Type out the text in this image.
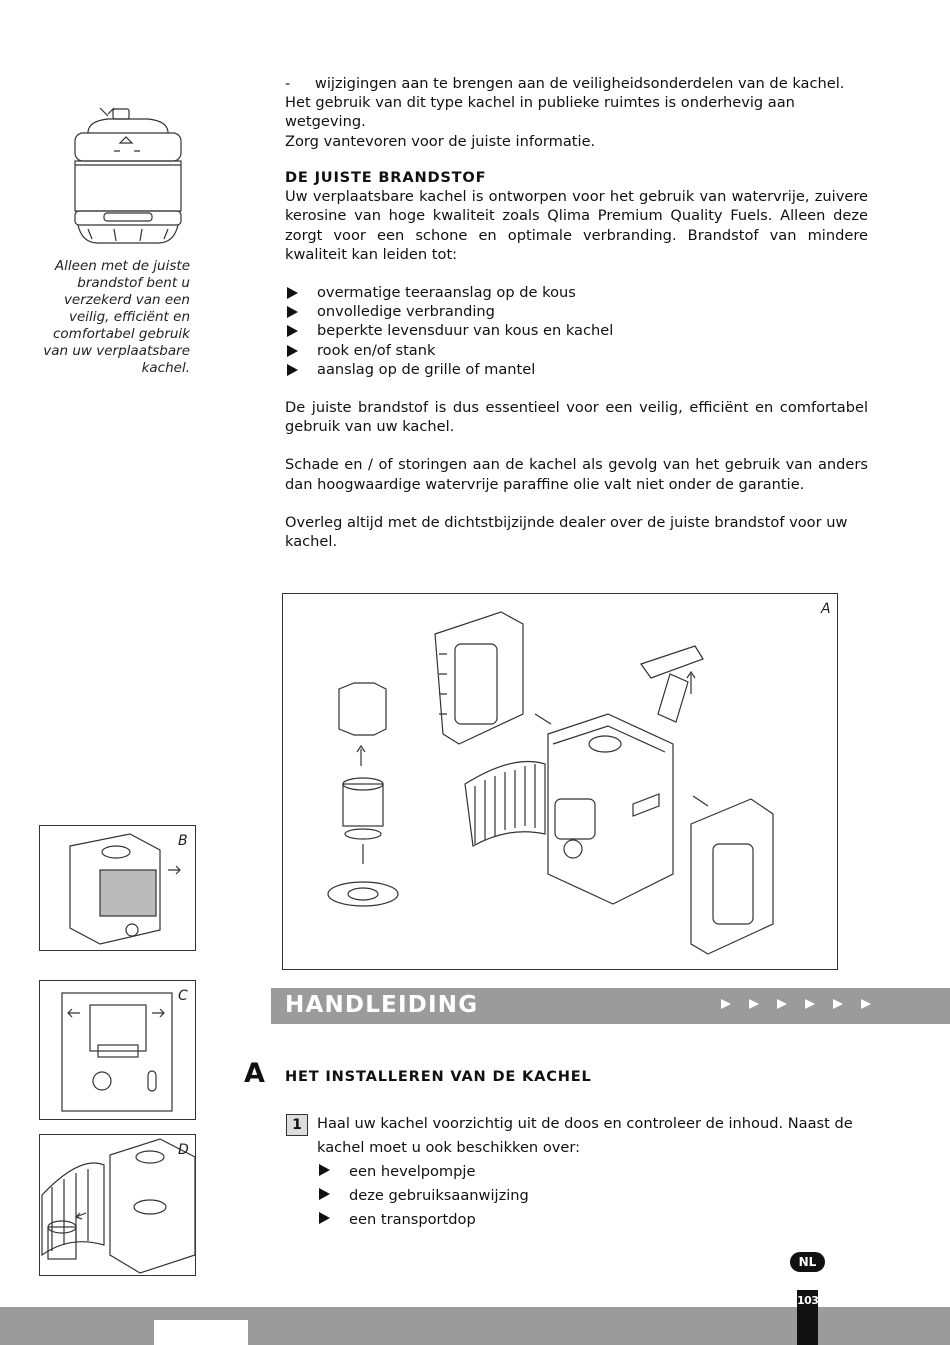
Alleen met de juiste brandstof bent u verzekerd van een veilig, efficiënt en comfortabel gebruik van uw verplaatsbare kachel.
- wijzigingen aan te brengen aan de veiligheidsonderdelen van de kachel.
Het gebruik van dit type kachel in publieke ruimtes is onderhevig aan wetgeving.
Zorg vantevoren voor de juiste informatie.
DE JUISTE BRANDSTOF
Uw verplaatsbare kachel is ontworpen voor het gebruik van watervrije, zuivere kerosine van hoge kwaliteit zoals Qlima Premium Quality Fuels. Alleen deze zorgt voor een schone en optimale verbranding. Brandstof van mindere kwaliteit kan leiden tot:
overmatige teeraanslag op de kous
onvolledige verbranding
beperkte levensduur van kous en kachel
rook en/of stank
aanslag op de grille of mantel
De juiste brandstof is dus essentieel voor een veilig, efficiënt en comfortabel gebruik van uw kachel.
Schade en / of storingen aan de kachel als gevolg van het gebruik van anders dan hoogwaardige watervrije paraffine olie valt niet onder de garantie.
Overleg altijd met de dichtstbijzijnde dealer over de juiste brandstof voor uw kachel.
A
B
C
D
HANDLEIDING
A HET INSTALLEREN VAN DE KACHEL
1	Haal uw kachel voorzichtig uit de doos en controleer de inhoud. Naast de
kachel moet u ook beschikken over:
een hevelpompje
deze gebruiksaanwijzing
een transportdop
NL
103
